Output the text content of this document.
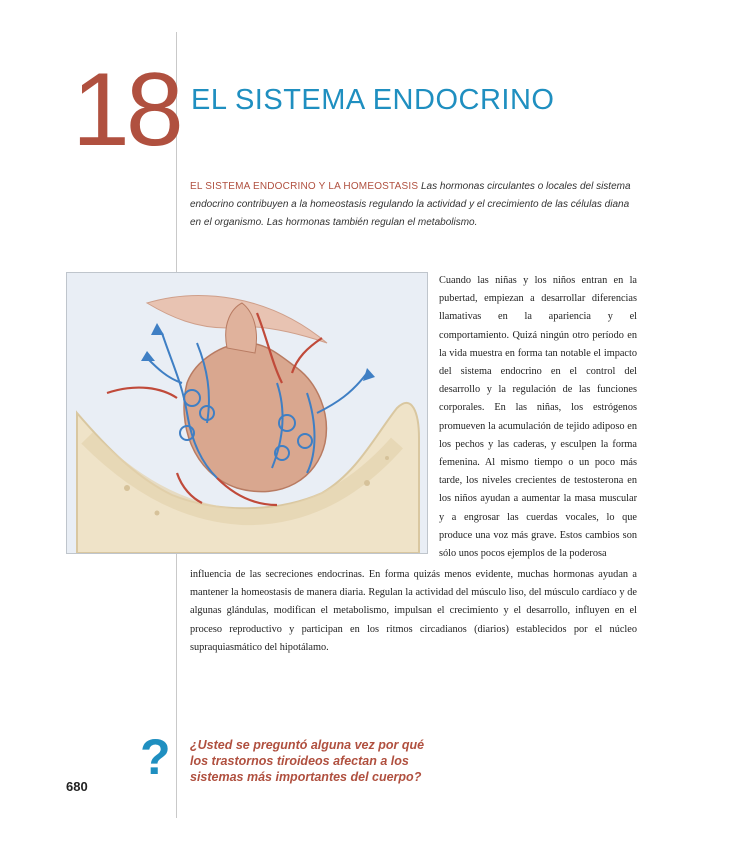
18 EL SISTEMA ENDOCRINO
EL SISTEMA ENDOCRINO Y LA HOMEOSTASIS Las hormonas circulantes o locales del sistema endocrino contribuyen a la homeostasis regulando la actividad y el crecimiento de las células diana en el organismo. Las hormonas también regulan el metabolismo.
Cuando las niñas y los niños entran en la pubertad, empiezan a desarrollar diferencias llamativas en la apariencia y el comportamiento. Quizá ningún otro período en la vida muestra en forma tan notable el impacto del sistema endocrino en el control del desarrollo y la regulación de las funciones corporales. En las niñas, los estrógenos promueven la acumulación de tejido adiposo en los pechos y las caderas, y esculpen la forma femenina. Al mismo tiempo o un poco más tarde, los niveles crecientes de testosterona en los niños ayudan a aumentar la masa muscular y a engrosar las cuerdas vocales, lo que produce una voz más grave. Estos cambios son sólo unos pocos ejemplos de la poderosa
influencia de las secreciones endocrinas. En forma quizás menos evidente, muchas hormonas ayudan a mantener la homeostasis de manera diaria. Regulan la actividad del músculo liso, del músculo cardíaco y de algunas glándulas, modifican el metabolismo, impulsan el crecimiento y el desarrollo, influyen en el proceso reproductivo y participan en los ritmos circadianos (diarios) establecidos por el núcleo supraquiasmático del hipotálamo.
? ¿Usted se preguntó alguna vez por qué los trastornos tiroideos afectan a los sistemas más importantes del cuerpo?
680
